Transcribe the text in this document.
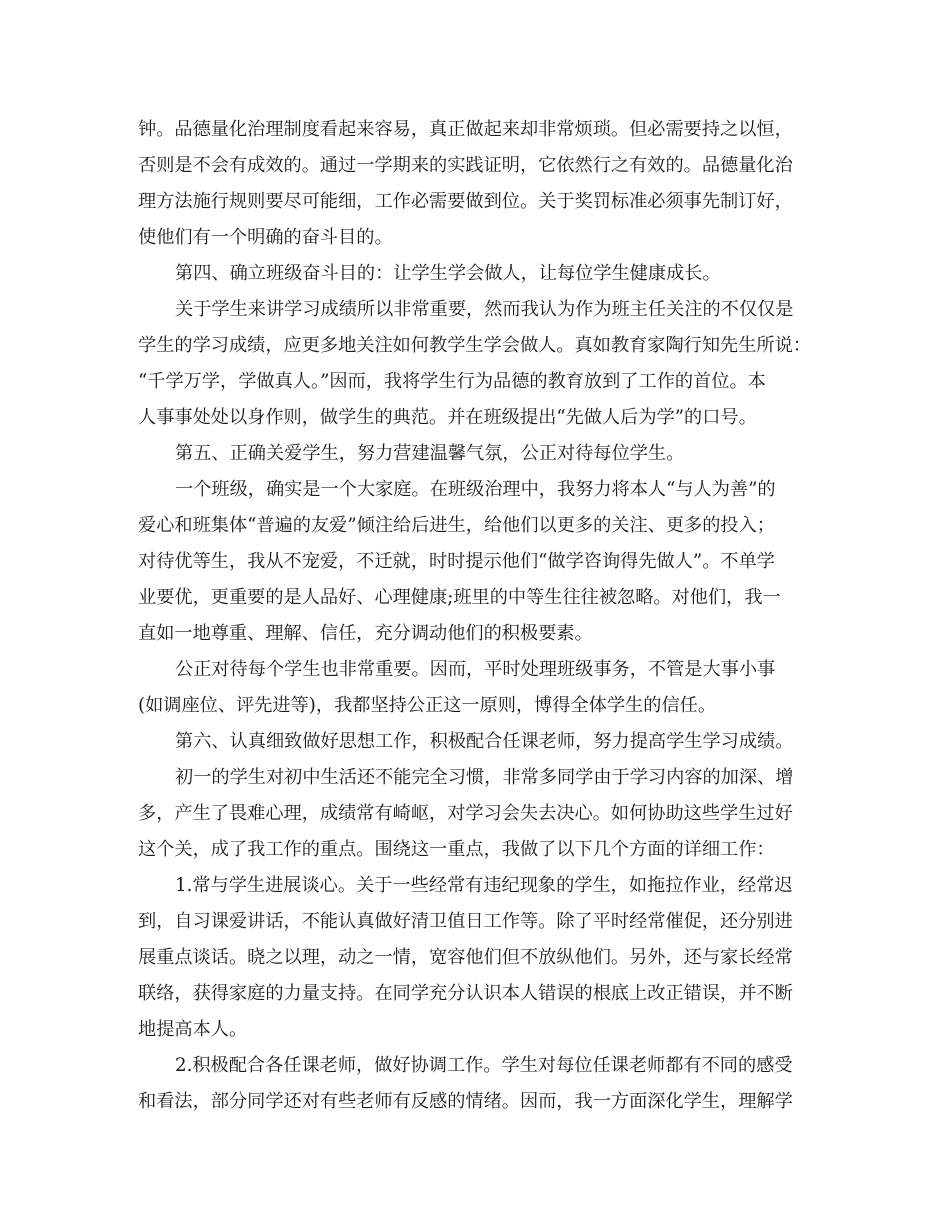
钟。品德量化治理制度看起来容易，真正做起来却非常烦琐。但必需要持之以恒，
否则是不会有成效的。通过一学期来的实践证明，它依然行之有效的。品德量化治
理方法施行规则要尽可能细，工作必需要做到位。关于奖罚标准必须事先制订好，
使他们有一个明确的奋斗目的。
第四、确立班级奋斗目的：让学生学会做人，让每位学生健康成长。
关于学生来讲学习成绩所以非常重要，然而我认为作为班主任关注的不仅仅是
学生的学习成绩，应更多地关注如何教学生学会做人。真如教育家陶行知先生所说：
“千学万学，学做真人。”因而，我将学生行为品德的教育放到了工作的首位。本
人事事处处以身作则，做学生的典范。并在班级提出“先做人后为学”的口号。
第五、正确关爱学生，努力营建温馨气氛，公正对待每位学生。
一个班级，确实是一个大家庭。在班级治理中，我努力将本人“与人为善”的
爱心和班集体“普遍的友爱”倾注给后进生，给他们以更多的关注、更多的投入；
对待优等生，我从不宠爱，不迁就，时时提示他们“做学咨询得先做人”。不单学
业要优，更重要的是人品好、心理健康;班里的中等生往往被忽略。对他们，我一
直如一地尊重、理解、信任，充分调动他们的积极要素。
公正对待每个学生也非常重要。因而，平时处理班级事务，不管是大事小事
(如调座位、评先进等)，我都坚持公正这一原则，博得全体学生的信任。
第六、认真细致做好思想工作，积极配合任课老师，努力提高学生学习成绩。
初一的学生对初中生活还不能完全习惯，非常多同学由于学习内容的加深、增
多，产生了畏难心理，成绩常有崎岖，对学习会失去决心。如何协助这些学生过好
这个关，成了我工作的重点。围绕这一重点，我做了以下几个方面的详细工作：
1.常与学生进展谈心。关于一些经常有违纪现象的学生，如拖拉作业，经常迟
到，自习课爱讲话，不能认真做好清卫值日工作等。除了平时经常催促，还分别进
展重点谈话。晓之以理，动之一情，宽容他们但不放纵他们。另外，还与家长经常
联络，获得家庭的力量支持。在同学充分认识本人错误的根底上改正错误，并不断
地提高本人。
2.积极配合各任课老师，做好协调工作。学生对每位任课老师都有不同的感受
和看法，部分同学还对有些老师有反感的情绪。因而，我一方面深化学生，理解学
